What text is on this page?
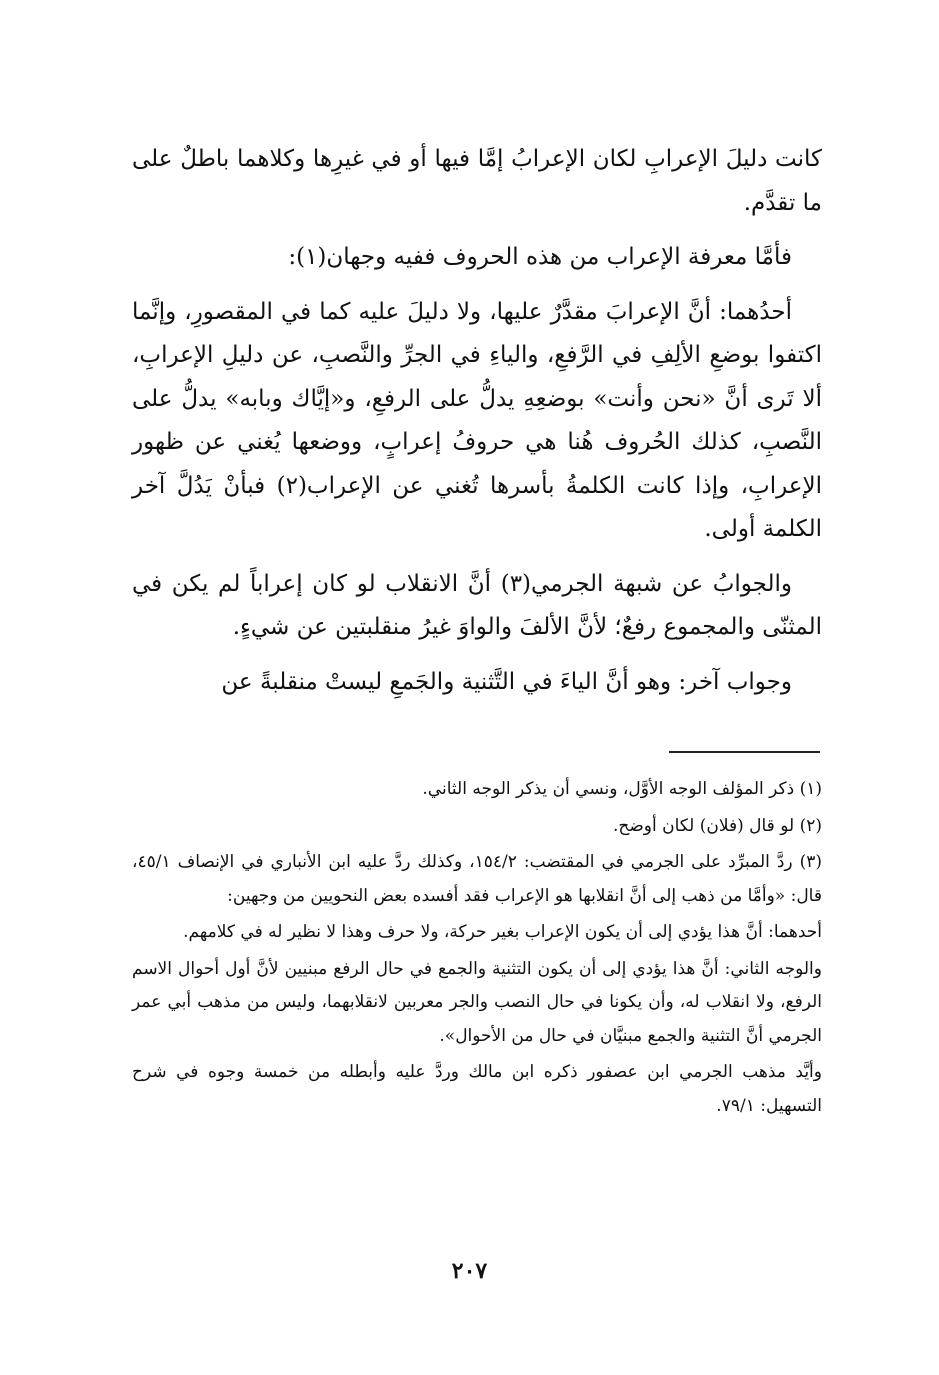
كانت دليلَ الإعرابِ لكان الإعرابُ إمَّا فيها أو في غيرِها وكلاهما باطلٌ على ما تقدَّم.

فأمَّا معرفة الإعراب من هذه الحروف ففيه وجهان(١):

أحدُهما: أنَّ الإعرابَ مقدَّرٌ عليها، ولا دليلَ عليه كما في المقصورِ، وإنَّما اكتفوا بوضعِ الألِفِ في الرَّفعِ، والياءِ في الجرِّ والنَّصبِ، عن دليلِ الإعرابِ، ألا تَرى أنَّ «نحن وأنت» بوضعِهِ يدلُّ على الرفعِ، و«إيَّاك وبابه» يدلُّ على النَّصبِ، كذلك الحُروف هُنا هي حروفُ إعرابٍ، ووضعها يُغني عن ظهور الإعرابِ، وإذا كانت الكلمةُ بأسرها تُغني عن الإعراب(٢) فبأنْ يَدُلَّ آخر الكلمة أولى.

والجوابُ عن شبهة الجرمي(٣) أنَّ الانقلاب لو كان إعراباً لم يكن في المثنّى والمجموع رفعٌ؛ لأنَّ الألفَ والواوَ غيرُ منقلبتين عن شيءٍ.

وجواب آخر: وهو أنَّ الياءَ في التَّثنية والجَمعِ ليستْ منقلبةً عن

(١) ذكر المؤلف الوجه الأوَّل، ونسي أن يذكر الوجه الثاني.

(٢) لو قال (فلان) لكان أوضح.

(٣) ردَّ المبرِّد على الجرمي في المقتضب: ١٥٤/٢، وكذلك ردَّ عليه ابن الأنباري في الإنصاف ٤٥/١، قال: «وأمَّا من ذهب إلى أنَّ انقلابها هو الإعراب فقد أفسده بعض النحويين من وجهين:

أحدهما: أنَّ هذا يؤدي إلى أن يكون الإعراب بغير حركة، ولا حرف وهذا لا نظير له في كلامهم.

والوجه الثاني: أنَّ هذا يؤدي إلى أن يكون التثنية والجمع في حال الرفع مبنيين لأنَّ أول أحوال الاسم الرفع، ولا انقلاب له، وأن يكونا في حال النصب والجر معربين لانقلابهما، وليس من مذهب أبي عمر الجرمي أنَّ التثنية والجمع مبنيَّان في حال من الأحوال».

وأيَّد مذهب الجرمي ابن عصفور ذكره ابن مالك وردَّ عليه وأبطله من خمسة وجوه في شرح التسهيل: ٧٩/١.

٢٠٧
